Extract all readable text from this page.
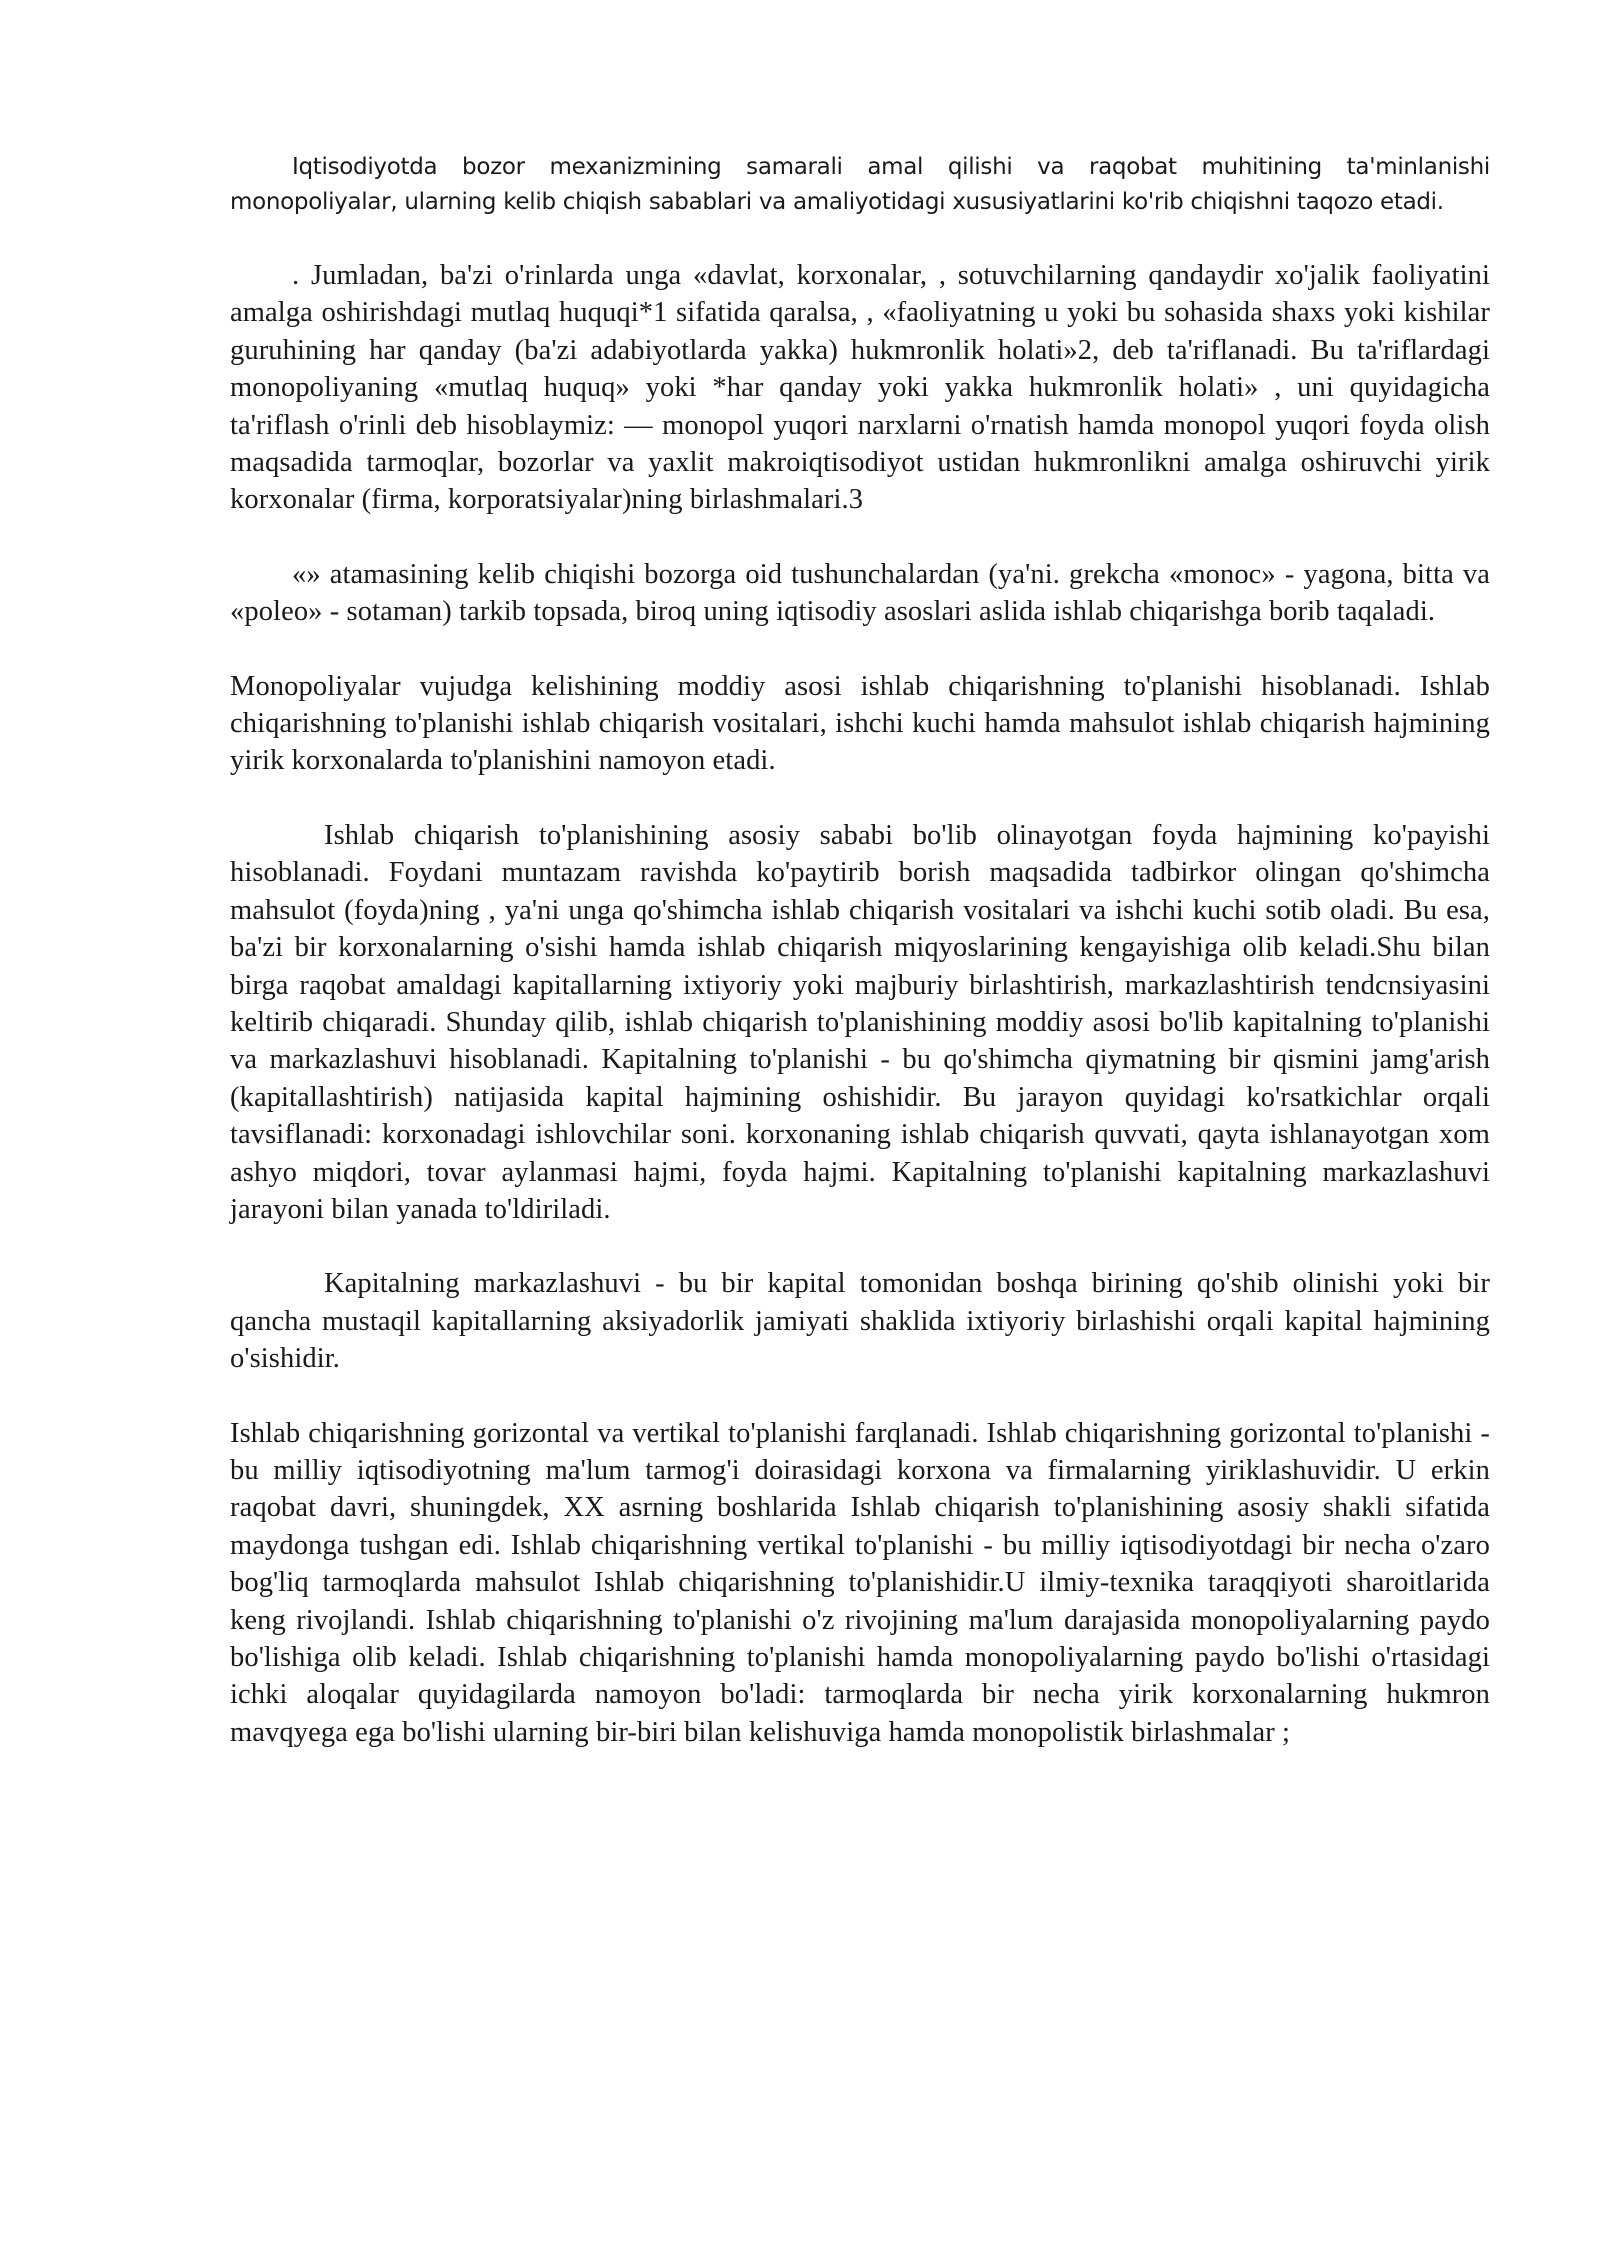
Iqtisodiyotda bozor mexanizmining samarali amal qilishi va raqobat muhitining ta'minlanishi monopoliyalar, ularning kelib chiqish sabablari va amaliyotidagi xususiyatlarini ko'rib chiqishni taqozo etadi.

. Jumladan, ba'zi o'rinlarda unga «davlat, korxonalar, , sotuvchilarning qandaydir xo'jalik faoliyatini amalga oshirishdagi mutlaq huquqi*1 sifatida qaralsa, , «faoliyatning u yoki bu sohasida shaxs yoki kishilar guruhining har qanday (ba'zi adabiyotlarda yakka) hukmronlik holati»2, deb ta'riflanadi. Bu ta'riflardagi monopoliyaning «mutlaq huquq» yoki *har qanday yoki yakka hukmronlik holati» , uni quyidagicha ta'riflash o'rinli deb hisoblaymiz: — monopol yuqori narxlarni o'rnatish hamda monopol yuqori foyda olish maqsadida tarmoqlar, bozorlar va yaxlit makroiqtisodiyot ustidan hukmronlikni amalga oshiruvchi yirik korxonalar (firma, korporatsiyalar)ning birlashmalari.3

«» atamasining kelib chiqishi bozorga oid tushunchalardan (ya'ni. grekcha «monoc» - yagona, bitta va «poleo» - sotaman) tarkib topsada, biroq uning iqtisodiy asoslari aslida ishlab chiqarishga borib taqaladi.

Monopoliyalar vujudga kelishining moddiy asosi ishlab chiqarishning to'planishi hisoblanadi. Ishlab chiqarishning to'planishi ishlab chiqarish vositalari, ishchi kuchi hamda mahsulot ishlab chiqarish hajmining yirik korxonalarda to'planishini namoyon etadi.

Ishlab chiqarish to'planishining asosiy sababi bo'lib olinayotgan foyda hajmining ko'payishi hisoblanadi. Foydani muntazam ravishda ko'paytirib borish maqsadida tadbirkor olingan qo'shimcha mahsulot (foyda)ning , ya'ni unga qo'shimcha ishlab chiqarish vositalari va ishchi kuchi sotib oladi. Bu esa, ba'zi bir korxonalarning o'sishi hamda ishlab chiqarish miqyoslarining kengayishiga olib keladi.Shu bilan birga raqobat amaldagi kapitallarning ixtiyoriy yoki majburiy birlashtirish, markazlashtirish tendcnsiyasini keltirib chiqaradi. Shunday qilib, ishlab chiqarish to'planishining moddiy asosi bo'lib kapitalning to'planishi va markazlashuvi hisoblanadi. Kapitalning to'planishi - bu qo'shimcha qiymatning bir qismini jamg'arish (kapitallashtirish) natijasida kapital hajmining oshishidir. Bu jarayon quyidagi ko'rsatkichlar orqali tavsiflanadi: korxonadagi ishlovchilar soni. korxonaning ishlab chiqarish quvvati, qayta ishlanayotgan xom ashyo miqdori, tovar aylanmasi hajmi, foyda hajmi. Kapitalning to'planishi kapitalning markazlashuvi jarayoni bilan yanada to'ldiriladi.

Kapitalning markazlashuvi - bu bir kapital tomonidan boshqa birining qo'shib olinishi yoki bir qancha mustaqil kapitallarning aksiyadorlik jamiyati shaklida ixtiyoriy birlashishi orqali kapital hajmining o'sishidir.

Ishlab chiqarishning gorizontal va vertikal to'planishi farqlanadi. Ishlab chiqarishning gorizontal to'planishi - bu milliy iqtisodiyotning ma'lum tarmog'i doirasidagi korxona va firmalarning yiriklashuvidir. U erkin raqobat davri, shuningdek, XX asrning boshlarida Ishlab chiqarish to'planishining asosiy shakli sifatida maydonga tushgan edi. Ishlab chiqarishning vertikal to'planishi - bu milliy iqtisodiyotdagi bir necha o'zaro bog'liq tarmoqlarda mahsulot Ishlab chiqarishning to'planishidir.U ilmiy-texnika taraqqiyoti sharoitlarida keng rivojlandi. Ishlab chiqarishning to'planishi o'z rivojining ma'lum darajasida monopoliyalarning paydo bo'lishiga olib keladi. Ishlab chiqarishning to'planishi hamda monopoliyalarning paydo bo'lishi o'rtasidagi ichki aloqalar quyidagilarda namoyon bo'ladi: tarmoqlarda bir necha yirik korxonalarning hukmron mavqyega ega bo'lishi ularning bir-biri bilan kelishuviga hamda monopolistik birlashmalar ;
